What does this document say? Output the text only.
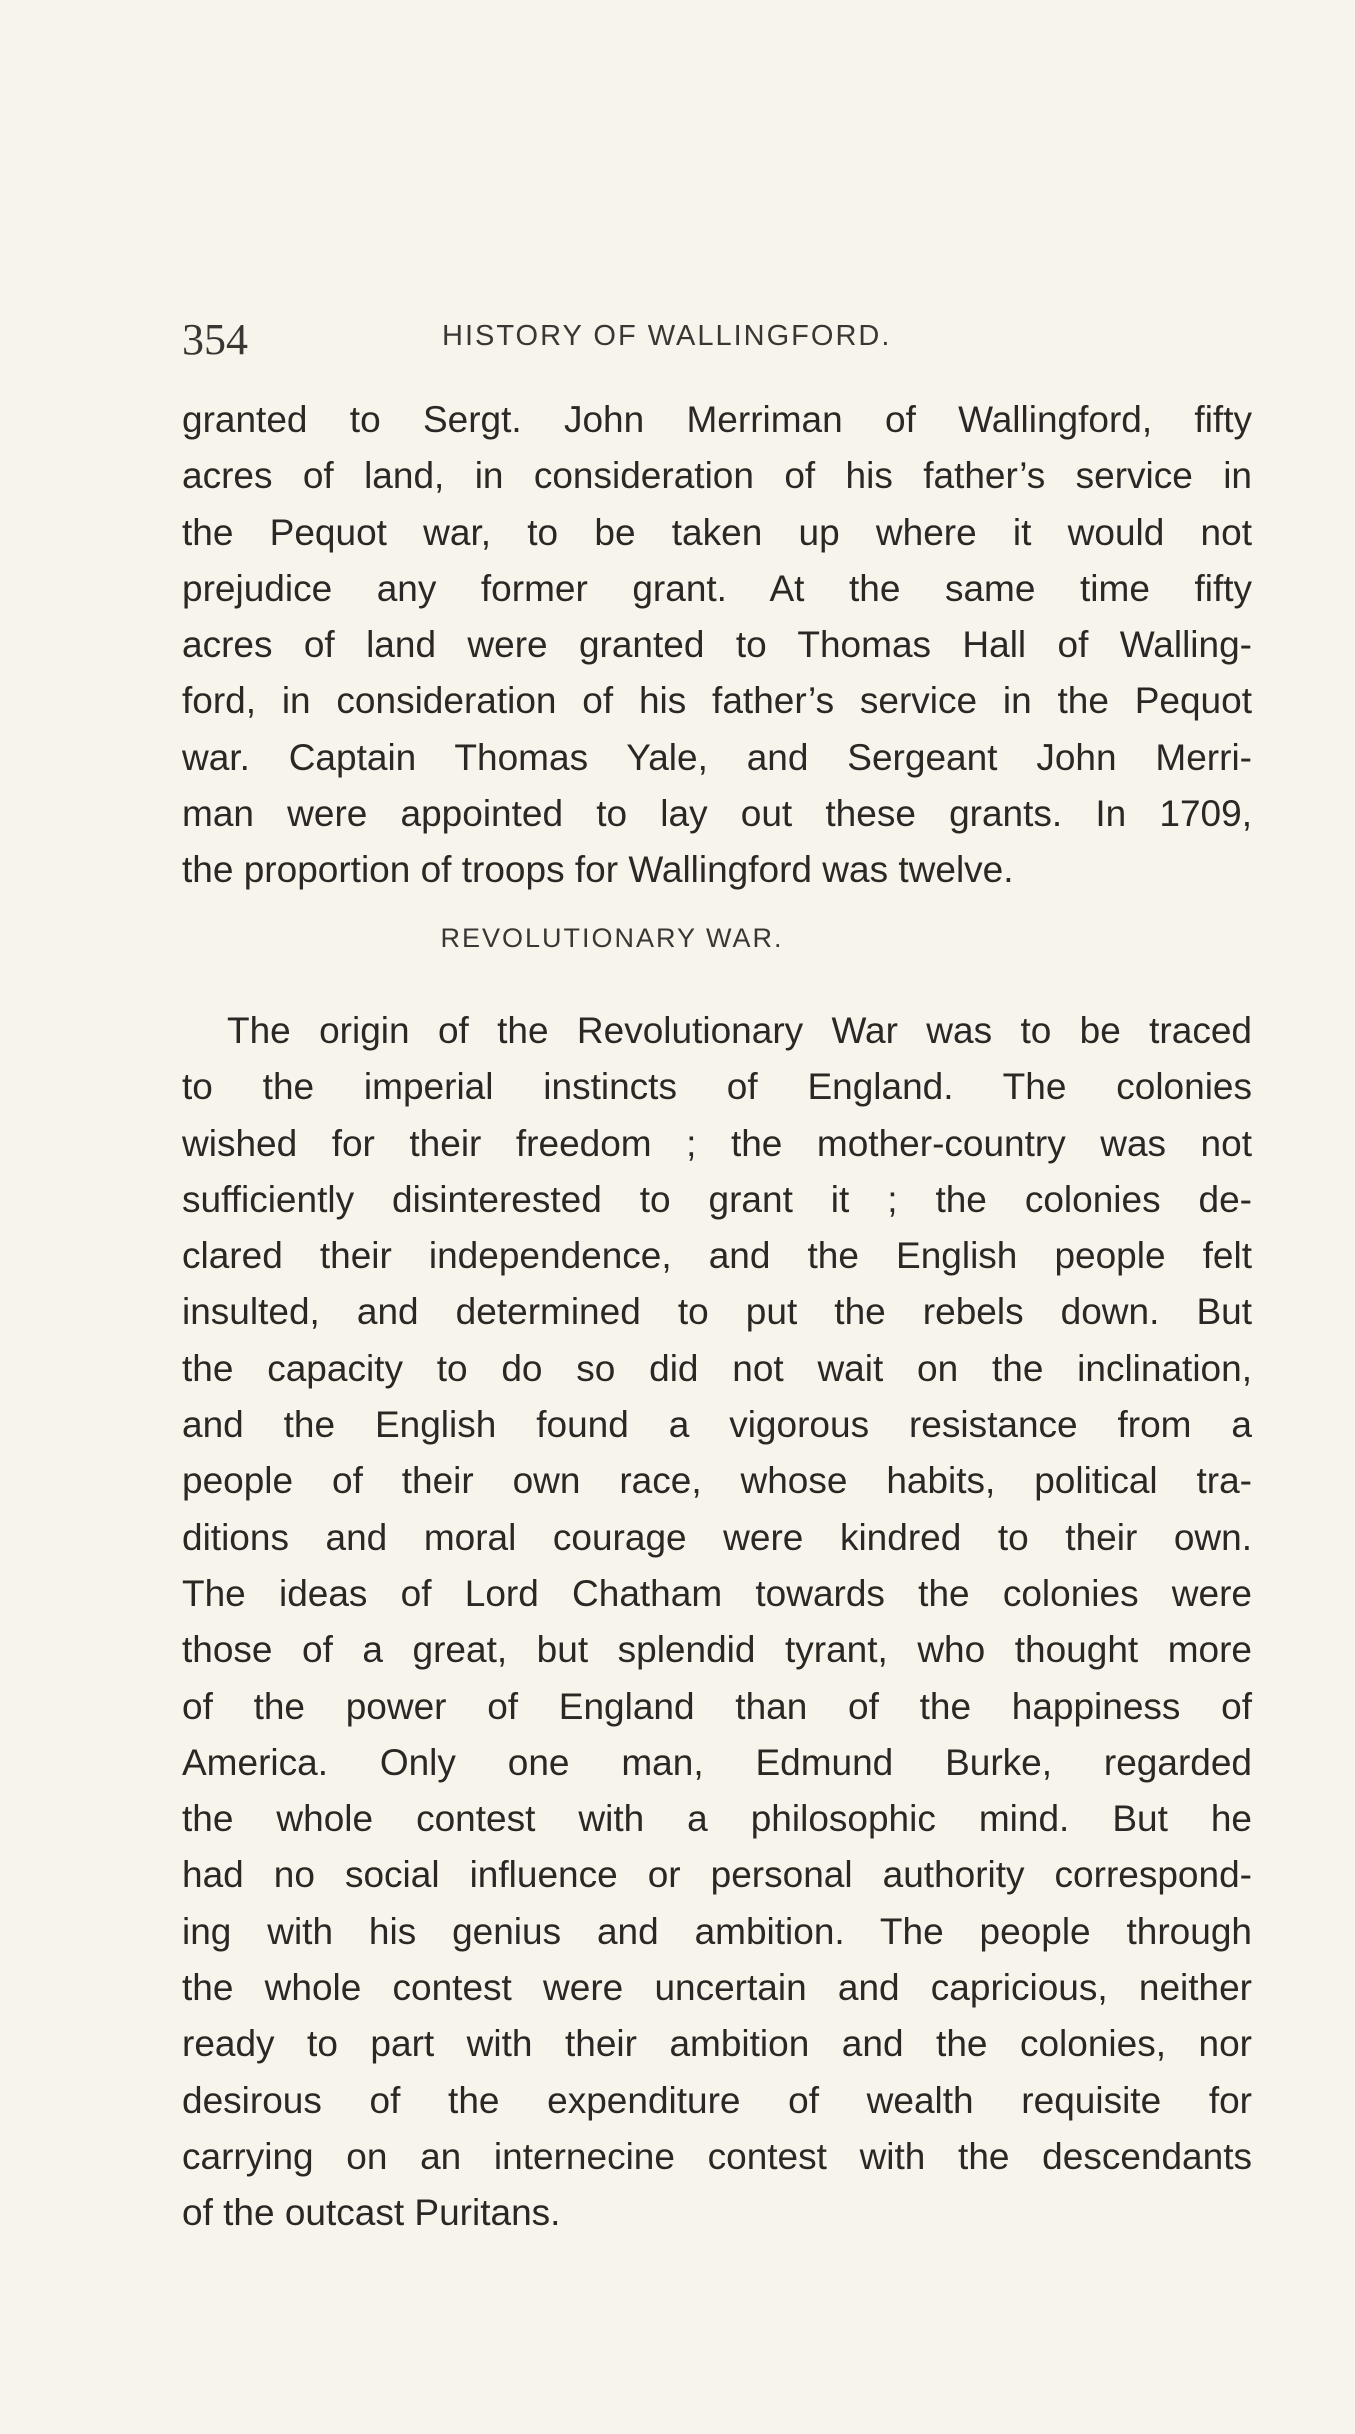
354	HISTORY OF WALLINGFORD.
granted to Sergt. John Merriman of Wallingford, fifty
acres of land, in consideration of his father’s service in
the Pequot war, to be taken up where it would not
prejudice any former grant. At the same time fifty
acres of land were granted to Thomas Hall of Walling-
ford, in consideration of his father’s service in the Pequot
war. Captain Thomas Yale, and Sergeant John Merri-
man were appointed to lay out these grants. In 1709,
the proportion of troops for Wallingford was twelve.
REVOLUTIONARY WAR.
The origin of the Revolutionary War was to be traced
to the imperial instincts of England. The colonies
wished for their freedom ; the mother-country was not
sufficiently disinterested to grant it ; the colonies de-
clared their independence, and the English people felt
insulted, and determined to put the rebels down. But
the capacity to do so did not wait on the inclination,
and the English found a vigorous resistance from a
people of their own race, whose habits, political tra-
ditions and moral courage were kindred to their own.
The ideas of Lord Chatham towards the colonies were
those of a great, but splendid tyrant, who thought more
of the power of England than of the happiness of
America. Only one man, Edmund Burke, regarded
the whole contest with a philosophic mind. But he
had no social influence or personal authority correspond-
ing with his genius and ambition. The people through
the whole contest were uncertain and capricious, neither
ready to part with their ambition and the colonies, nor
desirous of the expenditure of wealth requisite for
carrying on an internecine contest with the descendants
of the outcast Puritans.
